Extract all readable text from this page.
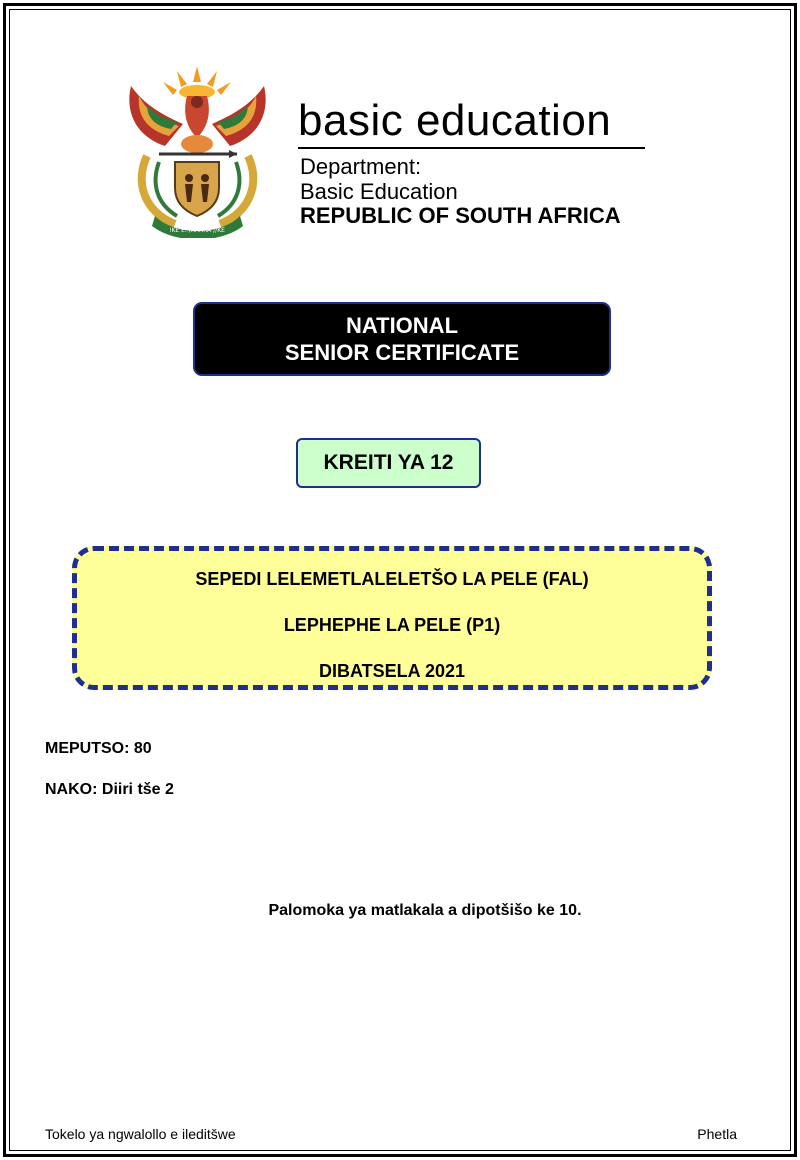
!KE E: /XARRA //KE
basic education
Department:
Basic Education
REPUBLIC OF SOUTH AFRICA
NATIONAL
SENIOR CERTIFICATE
KREITI YA 12
SEPEDI LELEMETLALELETŠO LA PELE (FAL)
LEPHEPHE LA PELE (P1)
DIBATSELA 2021
MEPUTSO: 80
NAKO: Diiri tše 2
Palomoka ya matlakala a dipotšišo ke 10.
Tokelo ya ngwalollo e ileditšwe	Phetla
